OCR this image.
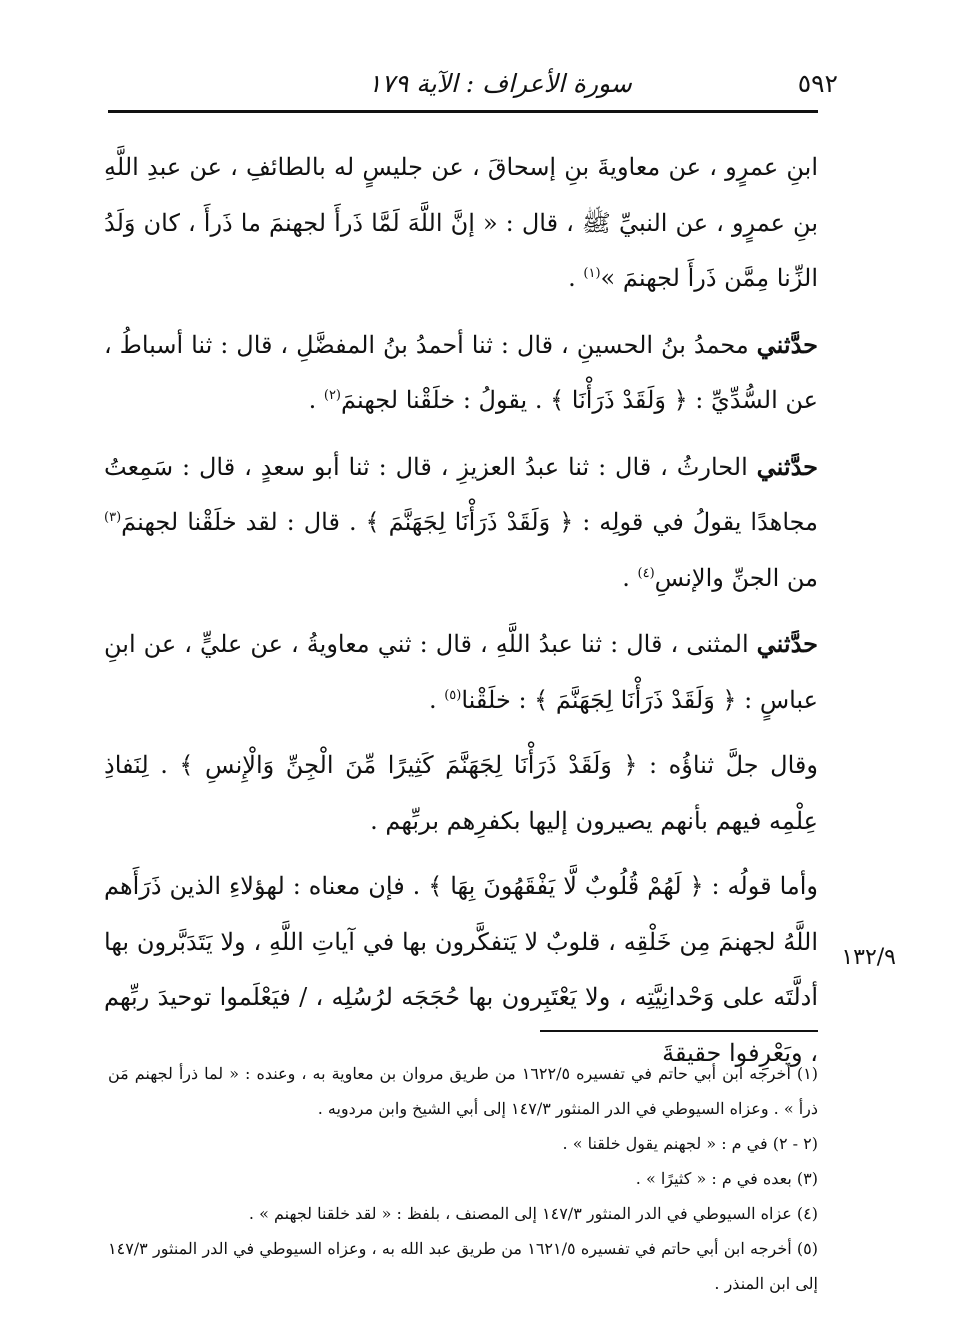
٥٩٢
سورة الأعراف : الآية ١٧٩

ابنِ عمرٍو ، عن معاويةَ بنِ إسحاقَ ، عن جليسٍ له بالطائفِ ، عن عبدِ اللَّهِ بنِ عمرٍو ، عن النبيِّ ﷺ ، قال : « إنَّ اللَّهَ لَمَّا ذَرأَ لجهنمَ ما ذَرأَ ، كان وَلَدُ الزِّنا مِمَّن ذَرأَ لجهنمَ »$^{(١)}$ .

حدَّثني محمدُ بنُ الحسينِ ، قال : ثنا أحمدُ بنُ المفضَّلِ ، قال : ثنا أسباطُ ، عن السُّدِّيِّ : ﴿ وَلَقَدْ ذَرَأْنَا ﴾ . يقولُ : خلَقْنا لجهنمَ$^{(٢)}$ .

حدَّثني الحارثُ ، قال : ثنا عبدُ العزيزِ ، قال : ثنا أبو سعدٍ ، قال : سَمِعتُ مجاهدًا يقولُ في قولِه : ﴿ وَلَقَدْ ذَرَأْنَا لِجَهَنَّمَ ﴾ . قال : لقد خلَقْنا لجهنمَ$^{(٣)}$ من الجنِّ والإنسِ$^{(٤)}$ .

حدَّثني المثنى ، قال : ثنا عبدُ اللَّهِ ، قال : ثني معاويةُ ، عن عليٍّ ، عن ابنِ عباسٍ : ﴿ وَلَقَدْ ذَرَأْنَا لِجَهَنَّمَ ﴾ : خلَقْنا$^{(٥)}$ .

وقال جلَّ ثناؤُه : ﴿ وَلَقَدْ ذَرَأْنَا لِجَهَنَّمَ كَثِيرًا مِّنَ الْجِنِّ وَالْإِنسِ ﴾ . لِنَفاذِ عِلْمِه فيهم بأنهم يصيرون إليها بكفرِهم بربِّهم .

وأما قولُه : ﴿ لَهُمْ قُلُوبٌ لَّا يَفْقَهُونَ بِهَا ﴾ . فإن معناه : لهؤلاءِ الذين ذَرَأَهم اللَّهُ لجهنمَ مِن خَلْقِه ، قلوبٌ لا يَتفكَّرون بها في آياتِ اللَّهِ ، ولا يَتَدَبَّرون بها أدلَّتَه على وَحْدانِيَّتِه ، ولا يَعْتَبِرون بها حُجَجَه لرُسُلِه ، / فيَعْلَموا توحيدَ ربِّهم ، ويَعْرِفوا حقيقةَ

١٣٢/٩

(١) أخرجه ابن أبي حاتم في تفسيره ١٦٢٢/٥ من طريق مروان بن معاوية به ، وعنده : « لما ذرأ لجهنم مَن ذرأ » . وعزاه السيوطي في الدر المنثور ١٤٧/٣ إلى أبي الشيخ وابن مردويه .

(٢ - ٢) في م : « لجهنم يقول خلقنا » .

(٣) بعده في م : « كثيرًا » .

(٤) عزاه السيوطي في الدر المنثور ١٤٧/٣ إلى المصنف ، بلفظ : « لقد خلقنا لجهنم » .

(٥) أخرجه ابن أبي حاتم في تفسيره ١٦٢١/٥ من طريق عبد الله به ، وعزاه السيوطي في الدر المنثور ١٤٧/٣ إلى ابن المنذر .
